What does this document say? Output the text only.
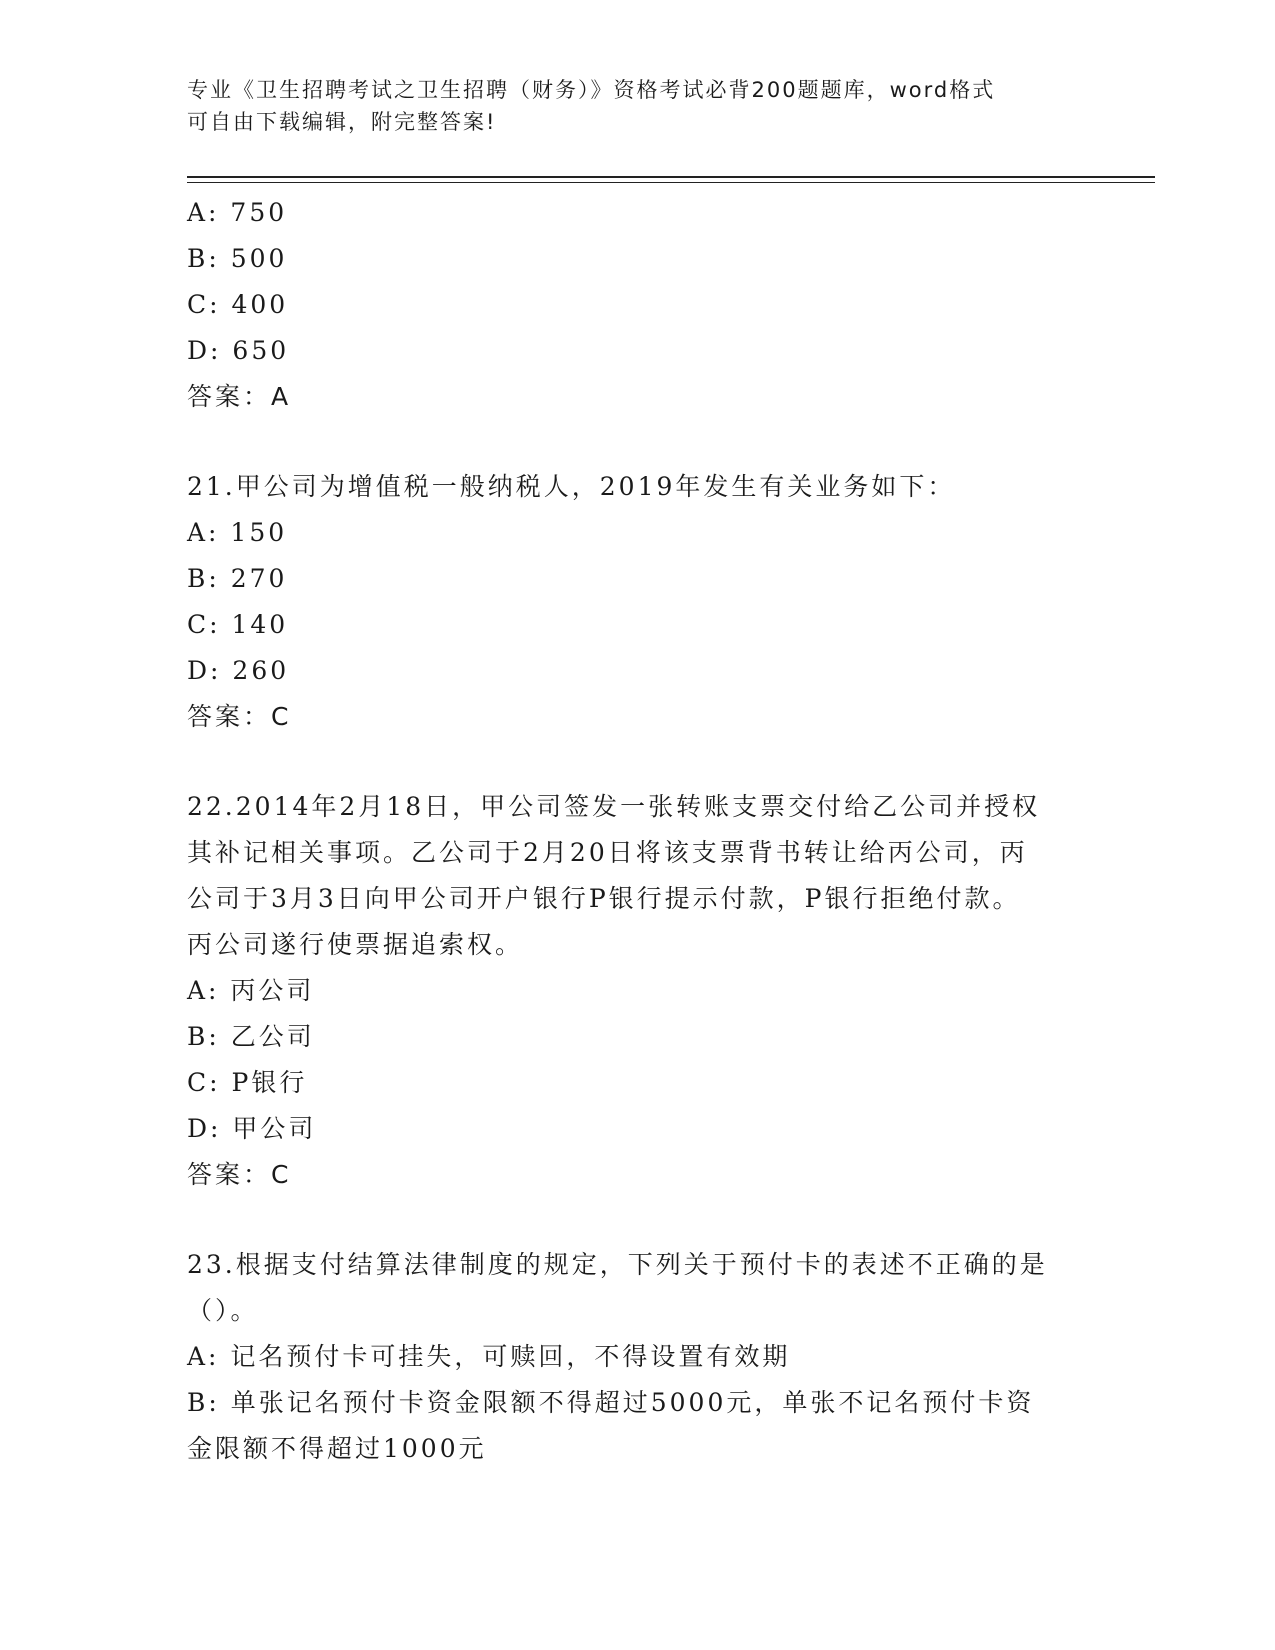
专业《卫生招聘考试之卫生招聘（财务）》资格考试必背200题题库，word格式
可自由下载编辑，附完整答案!
A: 750
B: 500
C: 400
D: 650
答案：A
21.甲公司为增值税一般纳税人，2019年发生有关业务如下：
A: 150
B: 270
C: 140
D: 260
答案：C
22.2014年2月18日，甲公司签发一张转账支票交付给乙公司并授权
其补记相关事项。乙公司于2月20日将该支票背书转让给丙公司，丙
公司于3月3日向甲公司开户银行P银行提示付款，P银行拒绝付款。
丙公司遂行使票据追索权。
A: 丙公司
B: 乙公司
C: P银行
D: 甲公司
答案：C
23.根据支付结算法律制度的规定，下列关于预付卡的表述不正确的是
（）。
A: 记名预付卡可挂失，可赎回，不得设置有效期
B: 单张记名预付卡资金限额不得超过5000元，单张不记名预付卡资
金限额不得超过1000元
